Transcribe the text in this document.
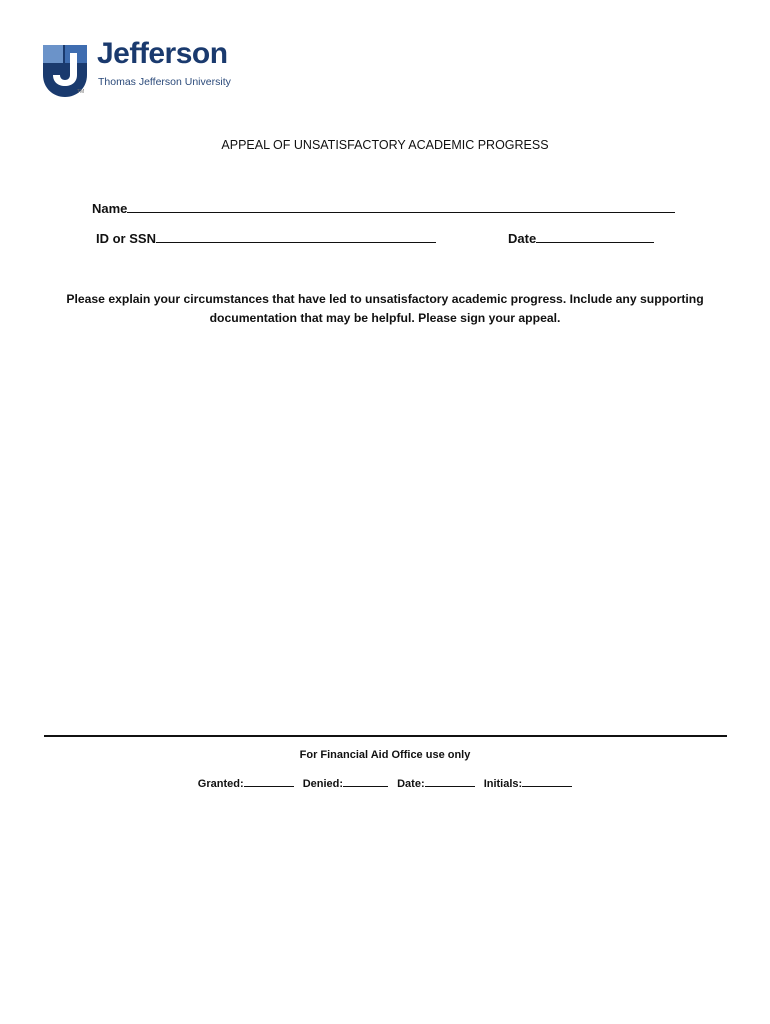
TM
Jefferson
Thomas Jefferson University
APPEAL OF UNSATISFACTORY ACADEMIC PROGRESS
Name
ID or SSN	Date
Please explain your circumstances that have led to unsatisfactory academic progress. Include any supporting
documentation that may be helpful. Please sign your appeal.
For Financial Aid Office use only
Granted:	Denied:	Date:	Initials:
